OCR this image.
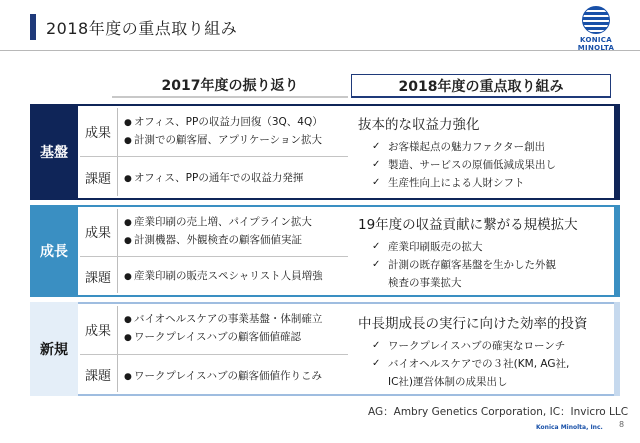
2018年度の重点取り組み
KONICA MINOLTA
2017年度の振り返り	2018年度の重点取り組み
基盤
成長
新規
成果
課題
● オフィス、PPの収益力回復（3Q、4Q）
● 計測での顧客層、アプリケーション拡大
● オフィス、PPの通年での収益力発揮
抜本的な収益力強化
✓ お客様起点の魅力ファクター創出
✓ 製造、サービスの原価低減成果出し
✓ 生産性向上による人財シフト
成果
課題
● 産業印刷の売上増、パイプライン拡大
● 計測機器、外観検査の顧客価値実証
● 産業印刷の販売スペシャリスト人員増強
19年度の収益貢献に繋がる規模拡大
✓ 産業印刷販売の拡大
✓ 計測の既存顧客基盤を生かした外観
検査の事業拡大
成果
課題
● バイオヘルスケアの事業基盤・体制確立
● ワークプレイスハブの顧客価値確認
● ワークプレイスハブの顧客価値作りこみ
中長期成長の実行に向けた効率的投資
✓ ワークプレイスハブの確実なローンチ
✓ バイオヘルスケアでの３社(KM, AG社,
IC社)運営体制の成果出し
AG：Ambry Genetics Corporation, IC：Invicro LLC
Konica Minolta, Inc. 8
